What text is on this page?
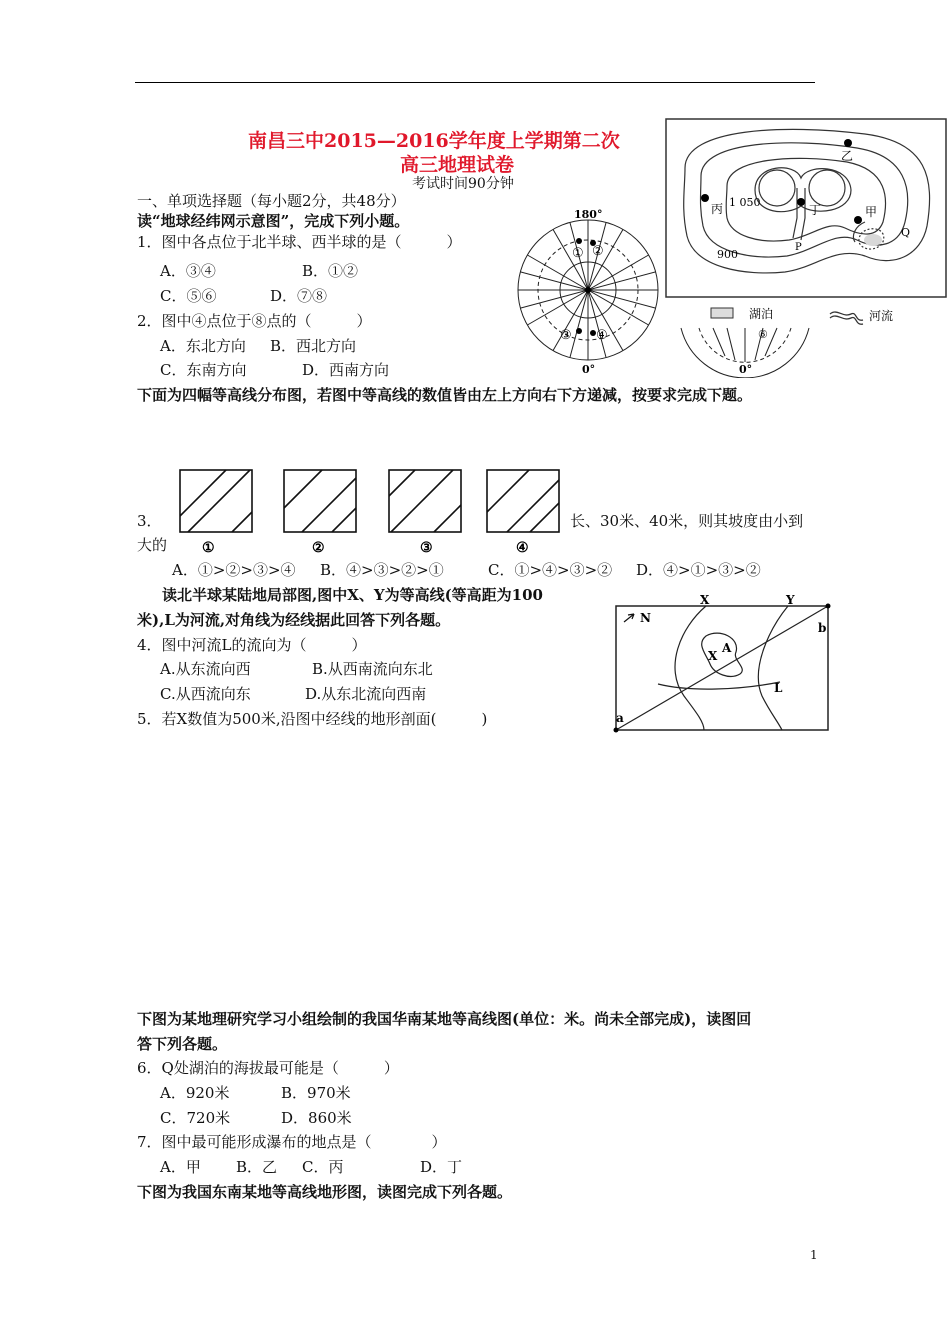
南昌三中2015—2016学年度上学期第二次
高三地理试卷
考试时间90分钟
一、单项选择题（每小题2分，共48分）
读“地球经纬网示意图”，完成下列小题。
1．图中各点位于北半球、西半球的是（　　　）
A．③④	B．①②
C．⑤⑥	D．⑦⑧
2．图中④点位于⑧点的（　　　）
A．东北方向 B．西北方向
C．东南方向	D．西南方向
180°
① ②
③ ④
0°
⑥
0°
乙
丙 1 050
丁	甲
Q
P
900
湖泊	河流
下面为四幅等高线分布图，若图中等高线的数值皆由左上方向右下方递减，按要求完成下题。
①	②	③	④
3．
大的
长、30米、40米，则其坡度由小到
A．①>②>③>④ B．④>③>②>①	C．①>④>③>② D．④>①>③>②
读北半球某陆地局部图,图中X、Y为等高线(等高距为100
米),L为河流,对角线为经线据此回答下列各题。
4．图中河流L的流向为（　　　）
A.从东流向西	B.从西南流向东北
C.从西流向东	D.从东北流向西南
5．若X数值为500米,沿图中经线的地形剖面(　　　)
X	Y
N
A
X
L
a
b
下图为某地理研究学习小组绘制的我国华南某地等高线图(单位：米。尚未全部完成)，读图回
答下列各题。
6．Q处湖泊的海拔最可能是（　　　）
A．920米	B．970米
C．720米	D．860米
7．图中最可能形成瀑布的地点是（　　　　）
A．甲 B．乙 C．丙	D．丁
下图为我国东南某地等高线地形图，读图完成下列各题。
1
